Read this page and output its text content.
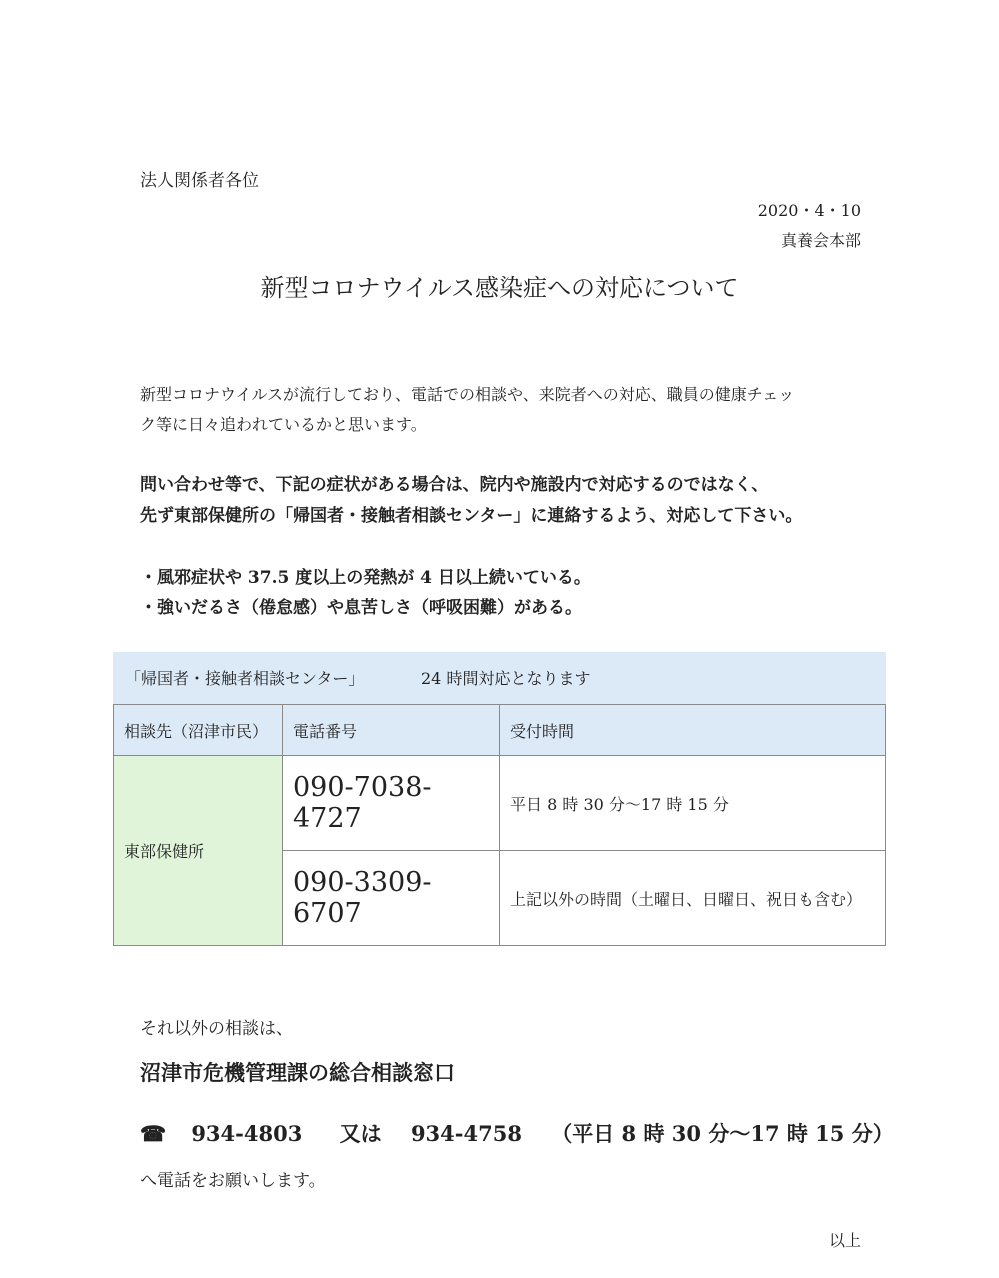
法人関係者各位
2020・4・10
真養会本部
新型コロナウイルス感染症への対応について
新型コロナウイルスが流行しており、電話での相談や、来院者への対応、職員の健康チェッ
ク等に日々追われているかと思います。
問い合わせ等で、下記の症状がある場合は、院内や施設内で対応するのではなく、
先ず東部保健所の「帰国者・接触者相談センター」に連絡するよう、対応して下さい。
・風邪症状や 37.5 度以上の発熱が 4 日以上続いている。
・強いだるさ（倦怠感）や息苦しさ（呼吸困難）がある。
「帰国者・接触者相談センター」	24 時間対応となります
相談先（沼津市民）	電話番号	受付時間
東部保健所	090-7038-4727	平日 8 時 30 分～17 時 15 分
	090-3309-6707	上記以外の時間（土曜日、日曜日、祝日も含む）
それ以外の相談は、
沼津市危機管理課の総合相談窓口
☎ 934-4803 又は 934-4758 （平日 8 時 30 分～17 時 15 分）
へ電話をお願いします。
以上
